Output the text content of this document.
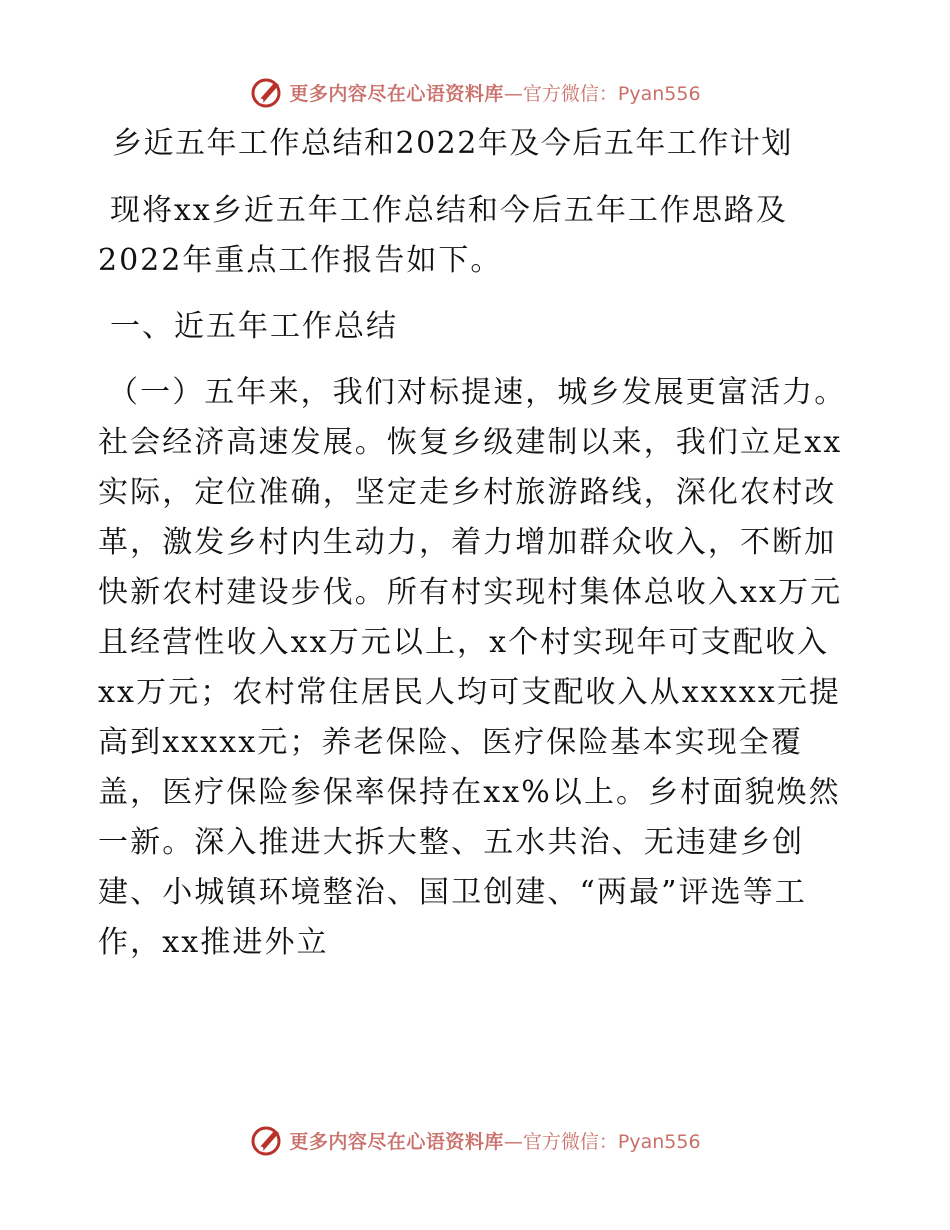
更多内容尽在心语资料库 —官方微信：Pyan556
乡近五年工作总结和2022年及今后五年工作计划

现将xx乡近五年工作总结和今后五年工作思路及2022年重点工作报告如下。

一、近五年工作总结

（一）五年来，我们对标提速，城乡发展更富活力。社会经济高速发展。恢复乡级建制以来，我们立足xx实际，定位准确，坚定走乡村旅游路线，深化农村改革，激发乡村内生动力，着力增加群众收入，不断加快新农村建设步伐。所有村实现村集体总收入xx万元且经营性收入xx万元以上，x个村实现年可支配收入xx万元；农村常住居民人均可支配收入从xxxxx元提高到xxxxx元；养老保险、医疗保险基本实现全覆盖，医疗保险参保率保持在xx%以上。乡村面貌焕然一新。深入推进大拆大整、五水共治、无违建乡创建、小城镇环境整治、国卫创建、“两最”评选等工作，xx推进外立

更多内容尽在心语资料库 —官方微信：Pyan556
